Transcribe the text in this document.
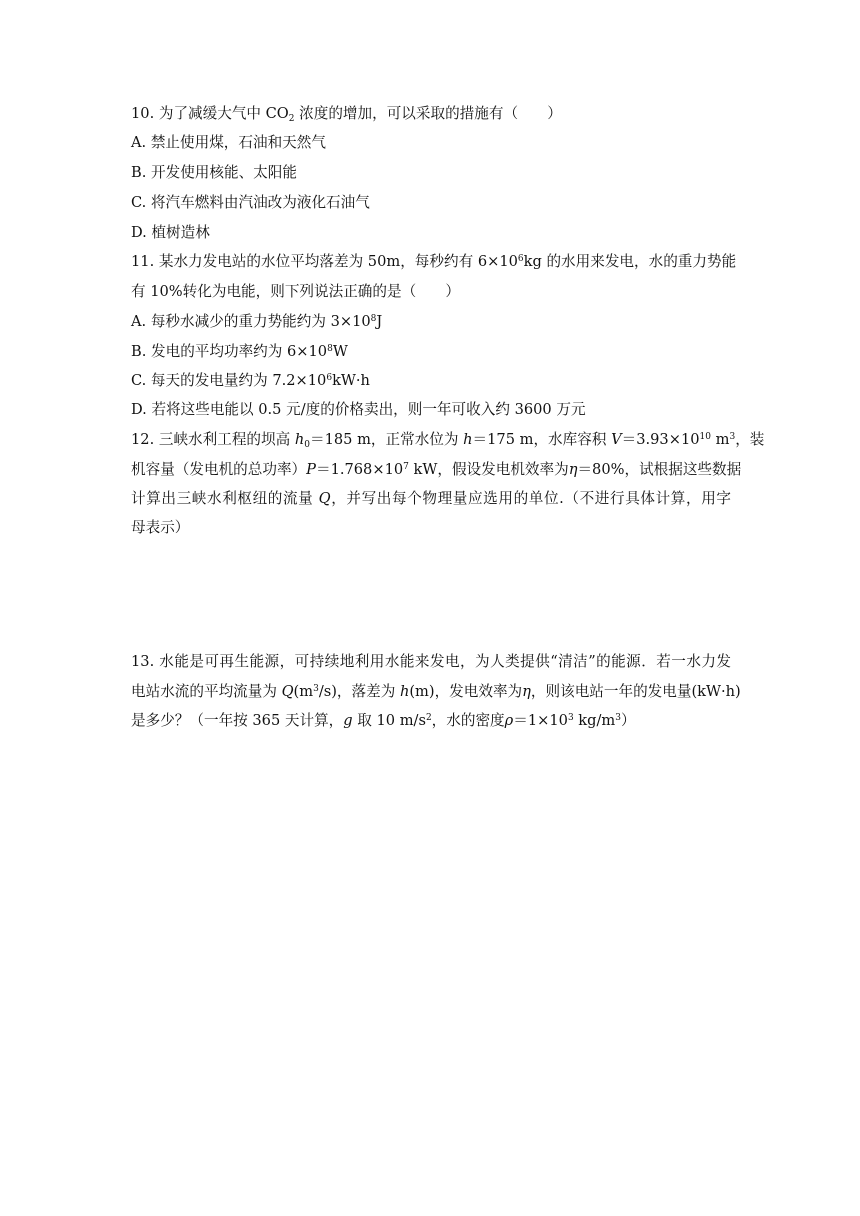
10. 为了减缓大气中 $CO_2$ 浓度的增加，可以采取的措施有（　　）
A. 禁止使用煤，石油和天然气
B. 开发使用核能、太阳能
C. 将汽车燃料由汽油改为液化石油气
D. 植树造林
11. 某水力发电站的水位平均落差为 50m，每秒约有 $6\times 10^6kg$ 的水用来发电，水的重力势能
有 10%转化为电能，则下列说法正确的是（　　）
A. 每秒水减少的重力势能约为 $3\times 10^8J$
B. 发电的平均功率约为 $6\times 10^8W$
C. 每天的发电量约为 $7.2\times 10^6kW\cdot h$
D. 若将这些电能以 0.5 元/度的价格卖出，则一年可收入约 3600 万元
12. 三峡水利工程的坝高 $h_0=185$ m，正常水位为 h＝175 m，水库容积 $V=3.93\times 10^{10}$ $m^3$，装
机容量（发电机的总功率）$P=1.768\times 10^7$ kW，假设发电机效率为η＝80%，试根据这些数据
计算出三峡水利枢纽的流量 Q，并写出每个物理量应选用的单位.（不进行具体计算，用字
母表示）
13. 水能是可再生能源，可持续地利用水能来发电，为人类提供“清洁”的能源．若一水力发
电站水流的平均流量为 $Q(m^3/s)$，落差为 h(m)，发电效率为η，则该电站一年的发电量(kW·h)
是多少？（一年按 365 天计算，g 取 10 $m/s^2$，水的密度$\rho=1\times 10^3$ $kg/m^3$）
